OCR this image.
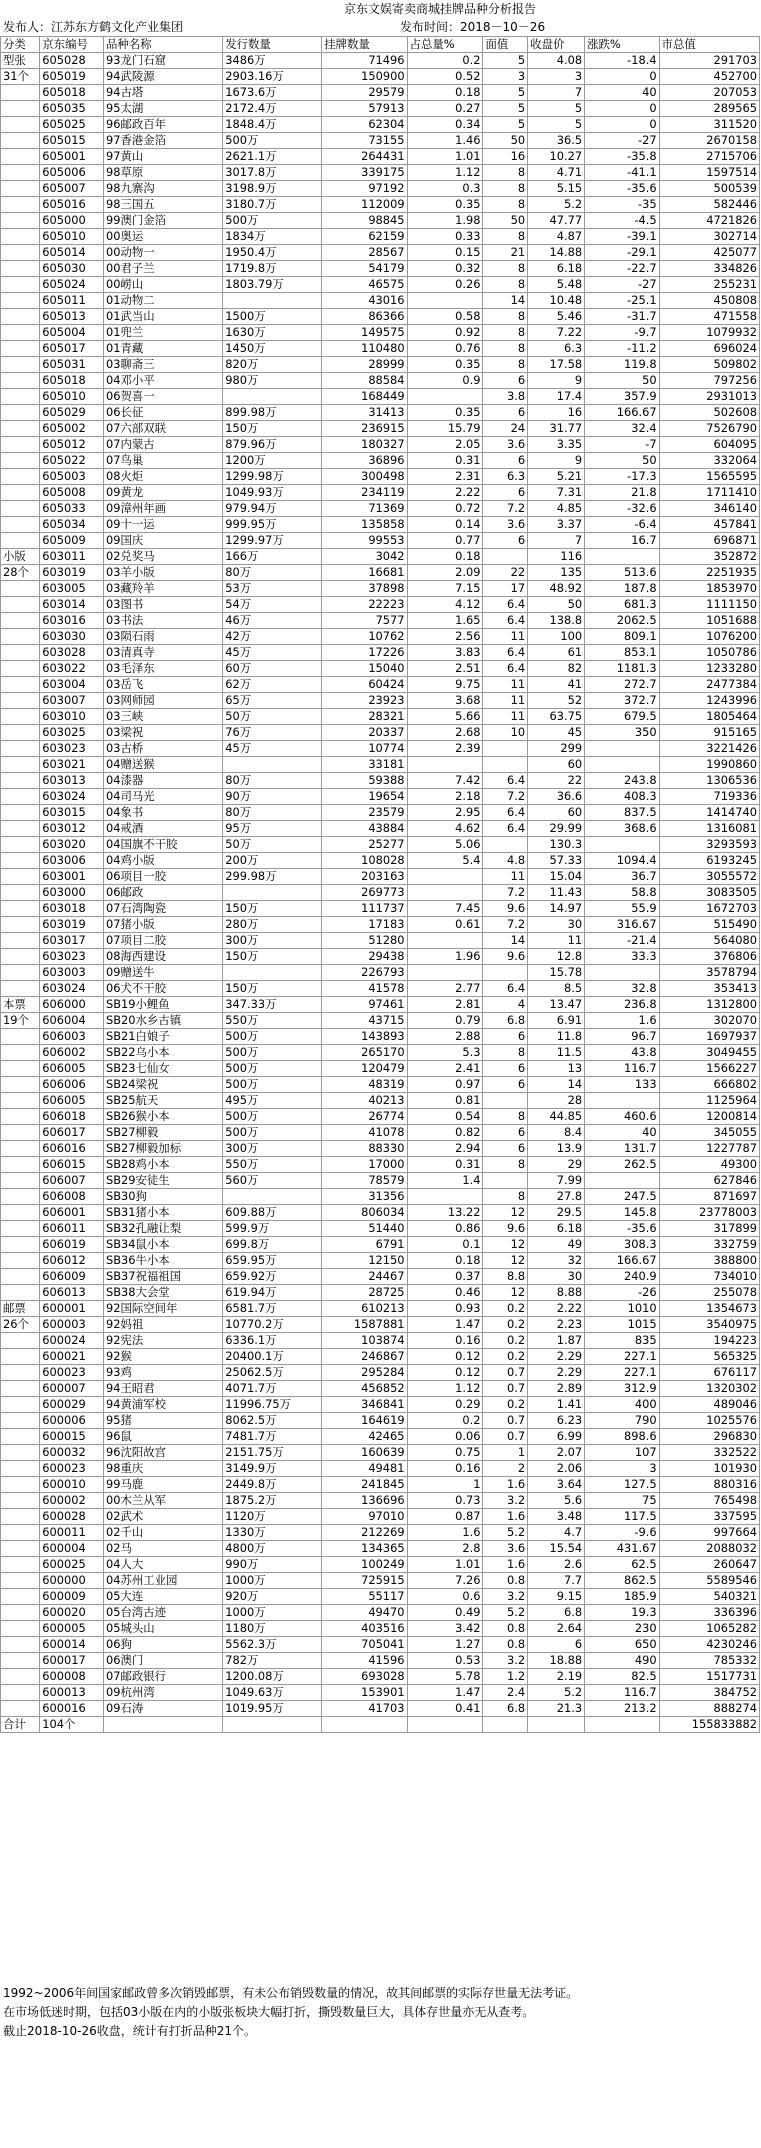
京东文娱寄卖商城挂牌品种分析报告
发布人：江苏东方鹤文化产业集团	发布时间：2018－10－26
分类	京东编号	品种名称	发行数量	挂牌数量	占总量%	面值	收盘价	涨跌%	市总值
型张	605028	93龙门石窟	3486万	71496	0.2	5	4.08	-18.4	291703
31个	605019	94武陵源	2903.16万	150900	0.52	3	3	0	452700
	605018	94古塔	1673.6万	29579	0.18	5	7	40	207053
	605035	95太湖	2172.4万	57913	0.27	5	5	0	289565
	605025	96邮政百年	1848.4万	62304	0.34	5	5	0	311520
	605015	97香港金箔	500万	73155	1.46	50	36.5	-27	2670158
	605001	97黄山	2621.1万	264431	1.01	16	10.27	-35.8	2715706
	605006	98草原	3017.8万	339175	1.12	8	4.71	-41.1	1597514
	605007	98九寨沟	3198.9万	97192	0.3	8	5.15	-35.6	500539
	605016	98三国五	3180.7万	112009	0.35	8	5.2	-35	582446
	605000	99澳门金箔	500万	98845	1.98	50	47.77	-4.5	4721826
	605010	00奥运	1834万	62159	0.33	8	4.87	-39.1	302714
	605014	00动物一	1950.4万	28567	0.15	21	14.88	-29.1	425077
	605030	00君子兰	1719.8万	54179	0.32	8	6.18	-22.7	334826
	605024	00崂山	1803.79万	46575	0.26	8	5.48	-27	255231
	605011	01动物二		43016		14	10.48	-25.1	450808
	605013	01武当山	1500万	86366	0.58	8	5.46	-31.7	471558
	605004	01兜兰	1630万	149575	0.92	8	7.22	-9.7	1079932
	605017	01青藏	1450万	110480	0.76	8	6.3	-11.2	696024
	605031	03聊斋三	820万	28999	0.35	8	17.58	119.8	509802
	605018	04邓小平	980万	88584	0.9	6	9	50	797256
	605010	06贺喜一		168449		3.8	17.4	357.9	2931013
	605029	06长征	899.98万	31413	0.35	6	16	166.67	502608
	605002	07六部双联	150万	236915	15.79	24	31.77	32.4	7526790
	605012	07内蒙古	879.96万	180327	2.05	3.6	3.35	-7	604095
	605022	07鸟巢	1200万	36896	0.31	6	9	50	332064
	605003	08火炬	1299.98万	300498	2.31	6.3	5.21	-17.3	1565595
	605008	09黄龙	1049.93万	234119	2.22	6	7.31	21.8	1711410
	605033	09漳州年画	979.94万	71369	0.72	7.2	4.85	-32.6	346140
	605034	09十一运	999.95万	135858	0.14	3.6	3.37	-6.4	457841
	605009	09国庆	1299.97万	99553	0.77	6	7	16.7	696871
小版	603011	02兑奖马	166万	3042	0.18		116		352872
28个	603019	03羊小版	80万	16681	2.09	22	135	513.6	2251935
	603005	03藏羚羊	53万	37898	7.15	17	48.92	187.8	1853970
	603014	03图书	54万	22223	4.12	6.4	50	681.3	1111150
	603016	03书法	46万	7577	1.65	6.4	138.8	2062.5	1051688
	603030	03陨石雨	42万	10762	2.56	11	100	809.1	1076200
	603028	03清真寺	45万	17226	3.83	6.4	61	853.1	1050786
	603022	03毛泽东	60万	15040	2.51	6.4	82	1181.3	1233280
	603004	03岳飞	62万	60424	9.75	11	41	272.7	2477384
	603007	03网师园	65万	23923	3.68	11	52	372.7	1243996
	603010	03三峡	50万	28321	5.66	11	63.75	679.5	1805464
	603025	03梁祝	76万	20337	2.68	10	45	350	915165
	603023	03古桥	45万	10774	2.39		299		3221426
	603021	04赠送猴		33181			60		1990860
	603013	04漆器	80万	59388	7.42	6.4	22	243.8	1306536
	603024	04司马光	90万	19654	2.18	7.2	36.6	408.3	719336
	603015	04象书	80万	23579	2.95	6.4	60	837.5	1414740
	603012	04戒酒	95万	43884	4.62	6.4	29.99	368.6	1316081
	603020	04国旗不干胶	50万	25277	5.06		130.3		3293593
	603006	04鸡小版	200万	108028	5.4	4.8	57.33	1094.4	6193245
	603001	06项目一胶	299.98万	203163		11	15.04	36.7	3055572
	603000	06邮政		269773		7.2	11.43	58.8	3083505
	603018	07石湾陶瓷	150万	111737	7.45	9.6	14.97	55.9	1672703
	603019	07猪小版	280万	17183	0.61	7.2	30	316.67	515490
	603017	07项目二胶	300万	51280		14	11	-21.4	564080
	603023	08海西建设	150万	29438	1.96	9.6	12.8	33.3	376806
	603003	09赠送牛		226793			15.78		3578794
	603024	06犬不干胶	150万	41578	2.77	6.4	8.5	32.8	353413
本票	606000	SB19小鲤鱼	347.33万	97461	2.81	4	13.47	236.8	1312800
19个	606004	SB20水乡古镇	550万	43715	0.79	6.8	6.91	1.6	302070
	606003	SB21白娘子	500万	143893	2.88	6	11.8	96.7	1697937
	606002	SB22乌小本	500万	265170	5.3	8	11.5	43.8	3049455
	606005	SB23七仙女	500万	120479	2.41	6	13	116.7	1566227
	606006	SB24梁祝	500万	48319	0.97	6	14	133	666802
	606005	SB25航天	495万	40213	0.81		28		1125964
	606018	SB26猴小本	500万	26774	0.54	8	44.85	460.6	1200814
	606017	SB27柳毅	500万	41078	0.82	6	8.4	40	345055
	606016	SB27柳毅加标	300万	88330	2.94	6	13.9	131.7	1227787
	606015	SB28鸡小本	550万	17000	0.31	8	29	262.5	49300
	606007	SB29安徒生	560万	78579	1.4		7.99		627846
	606008	SB30狗		31356		8	27.8	247.5	871697
	606001	SB31猪小本	609.88万	806034	13.22	12	29.5	145.8	23778003
	606011	SB32孔融让梨	599.9万	51440	0.86	9.6	6.18	-35.6	317899
	606019	SB34鼠小本	699.8万	6791	0.1	12	49	308.3	332759
	606012	SB36牛小本	659.95万	12150	0.18	12	32	166.67	388800
	606009	SB37祝福祖国	659.92万	24467	0.37	8.8	30	240.9	734010
	606013	SB38大会堂	619.94万	28725	0.46	12	8.88	-26	255078
邮票	600001	92国际空间年	6581.7万	610213	0.93	0.2	2.22	1010	1354673
26个	600003	92妈祖	10770.2万	1587881	1.47	0.2	2.23	1015	3540975
	600024	92宪法	6336.1万	103874	0.16	0.2	1.87	835	194223
	600021	92猴	20400.1万	246867	0.12	0.2	2.29	227.1	565325
	600023	93鸡	25062.5万	295284	0.12	0.7	2.29	227.1	676117
	600007	94王昭君	4071.7万	456852	1.12	0.7	2.89	312.9	1320302
	600029	94黄浦军校	11996.75万	346841	0.29	0.2	1.41	400	489046
	600006	95猪	8062.5万	164619	0.2	0.7	6.23	790	1025576
	600015	96鼠	7481.7万	42465	0.06	0.7	6.99	898.6	296830
	600032	96沈阳故宫	2151.75万	160639	0.75	1	2.07	107	332522
	600023	98重庆	3149.9万	49481	0.16	2	2.06	3	101930
	600010	99马鹿	2449.8万	241845	1	1.6	3.64	127.5	880316
	600002	00木兰从军	1875.2万	136696	0.73	3.2	5.6	75	765498
	600028	02武术	1120万	97010	0.87	1.6	3.48	117.5	337595
	600011	02千山	1330万	212269	1.6	5.2	4.7	-9.6	997664
	600004	02马	4800万	134365	2.8	3.6	15.54	431.67	2088032
	600025	04人大	990万	100249	1.01	1.6	2.6	62.5	260647
	600000	04苏州工业园	1000万	725915	7.26	0.8	7.7	862.5	5589546
	600009	05大连	920万	55117	0.6	3.2	9.15	185.9	540321
	600020	05台湾古迹	1000万	49470	0.49	5.2	6.8	19.3	336396
	600005	05城头山	1180万	403516	3.42	0.8	2.64	230	1065282
	600014	06狗	5562.3万	705041	1.27	0.8	6	650	4230246
	600017	06澳门	782万	41596	0.53	3.2	18.88	490	785332
	600008	07邮政银行	1200.08万	693028	5.78	1.2	2.19	82.5	1517731
	600013	09杭州湾	1049.63万	153901	1.47	2.4	5.2	116.7	384752
	600016	09石涛	1019.95万	41703	0.41	6.8	21.3	213.2	888274
合计	104个								155833882
1992~2006年间国家邮政曾多次销毁邮票，有未公布销毁数量的情况，故其间邮票的实际存世量无法考证。
在市场低迷时期，包括03小版在内的小版张板块大幅打折，撕毁数量巨大，具体存世量亦无从查考。
截止2018-10-26收盘，统计有打折品种21个。
